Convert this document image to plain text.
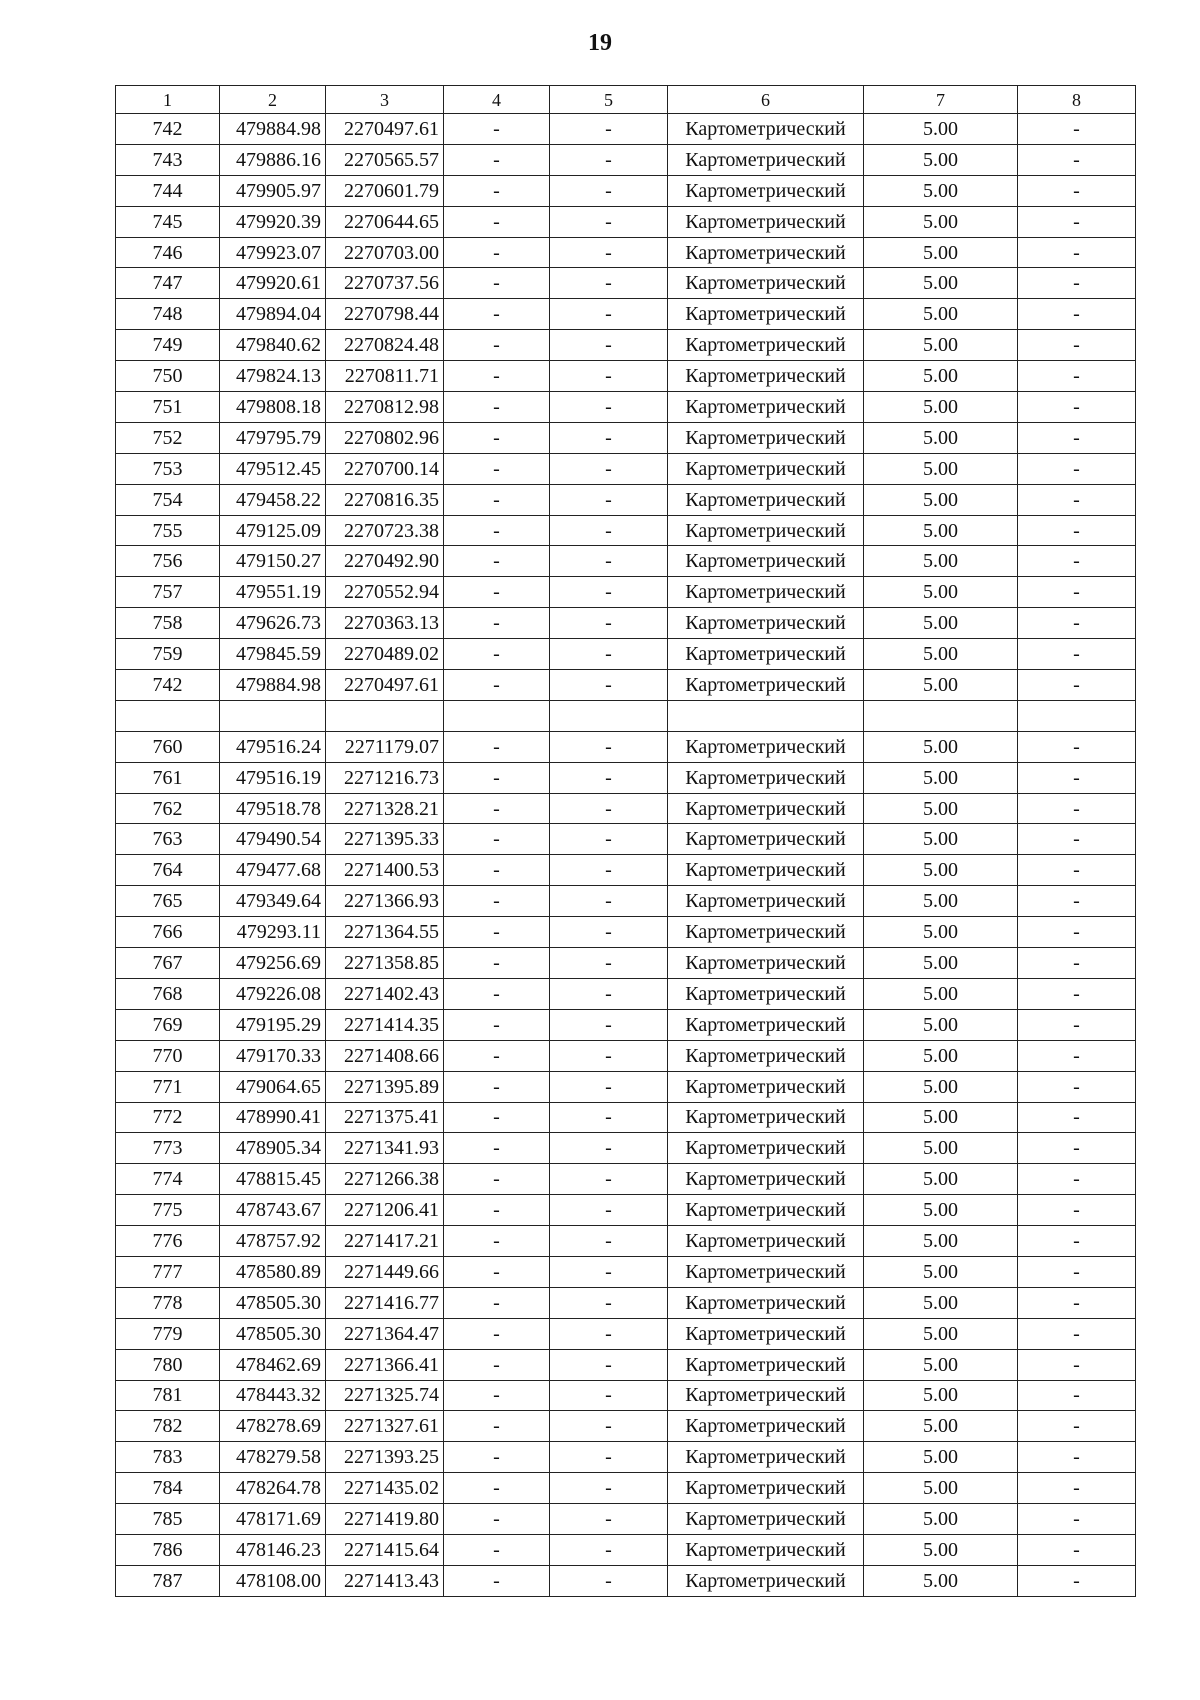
19
1	2	3	4	5	6	7	8
742	479884.98	2270497.61	-	-	Картометрический	5.00	-
743	479886.16	2270565.57	-	-	Картометрический	5.00	-
744	479905.97	2270601.79	-	-	Картометрический	5.00	-
745	479920.39	2270644.65	-	-	Картометрический	5.00	-
746	479923.07	2270703.00	-	-	Картометрический	5.00	-
747	479920.61	2270737.56	-	-	Картометрический	5.00	-
748	479894.04	2270798.44	-	-	Картометрический	5.00	-
749	479840.62	2270824.48	-	-	Картометрический	5.00	-
750	479824.13	2270811.71	-	-	Картометрический	5.00	-
751	479808.18	2270812.98	-	-	Картометрический	5.00	-
752	479795.79	2270802.96	-	-	Картометрический	5.00	-
753	479512.45	2270700.14	-	-	Картометрический	5.00	-
754	479458.22	2270816.35	-	-	Картометрический	5.00	-
755	479125.09	2270723.38	-	-	Картометрический	5.00	-
756	479150.27	2270492.90	-	-	Картометрический	5.00	-
757	479551.19	2270552.94	-	-	Картометрический	5.00	-
758	479626.73	2270363.13	-	-	Картометрический	5.00	-
759	479845.59	2270489.02	-	-	Картометрический	5.00	-
742	479884.98	2270497.61	-	-	Картометрический	5.00	-

760	479516.24	2271179.07	-	-	Картометрический	5.00	-
761	479516.19	2271216.73	-	-	Картометрический	5.00	-
762	479518.78	2271328.21	-	-	Картометрический	5.00	-
763	479490.54	2271395.33	-	-	Картометрический	5.00	-
764	479477.68	2271400.53	-	-	Картометрический	5.00	-
765	479349.64	2271366.93	-	-	Картометрический	5.00	-
766	479293.11	2271364.55	-	-	Картометрический	5.00	-
767	479256.69	2271358.85	-	-	Картометрический	5.00	-
768	479226.08	2271402.43	-	-	Картометрический	5.00	-
769	479195.29	2271414.35	-	-	Картометрический	5.00	-
770	479170.33	2271408.66	-	-	Картометрический	5.00	-
771	479064.65	2271395.89	-	-	Картометрический	5.00	-
772	478990.41	2271375.41	-	-	Картометрический	5.00	-
773	478905.34	2271341.93	-	-	Картометрический	5.00	-
774	478815.45	2271266.38	-	-	Картометрический	5.00	-
775	478743.67	2271206.41	-	-	Картометрический	5.00	-
776	478757.92	2271417.21	-	-	Картометрический	5.00	-
777	478580.89	2271449.66	-	-	Картометрический	5.00	-
778	478505.30	2271416.77	-	-	Картометрический	5.00	-
779	478505.30	2271364.47	-	-	Картометрический	5.00	-
780	478462.69	2271366.41	-	-	Картометрический	5.00	-
781	478443.32	2271325.74	-	-	Картометрический	5.00	-
782	478278.69	2271327.61	-	-	Картометрический	5.00	-
783	478279.58	2271393.25	-	-	Картометрический	5.00	-
784	478264.78	2271435.02	-	-	Картометрический	5.00	-
785	478171.69	2271419.80	-	-	Картометрический	5.00	-
786	478146.23	2271415.64	-	-	Картометрический	5.00	-
787	478108.00	2271413.43	-	-	Картометрический	5.00	-
